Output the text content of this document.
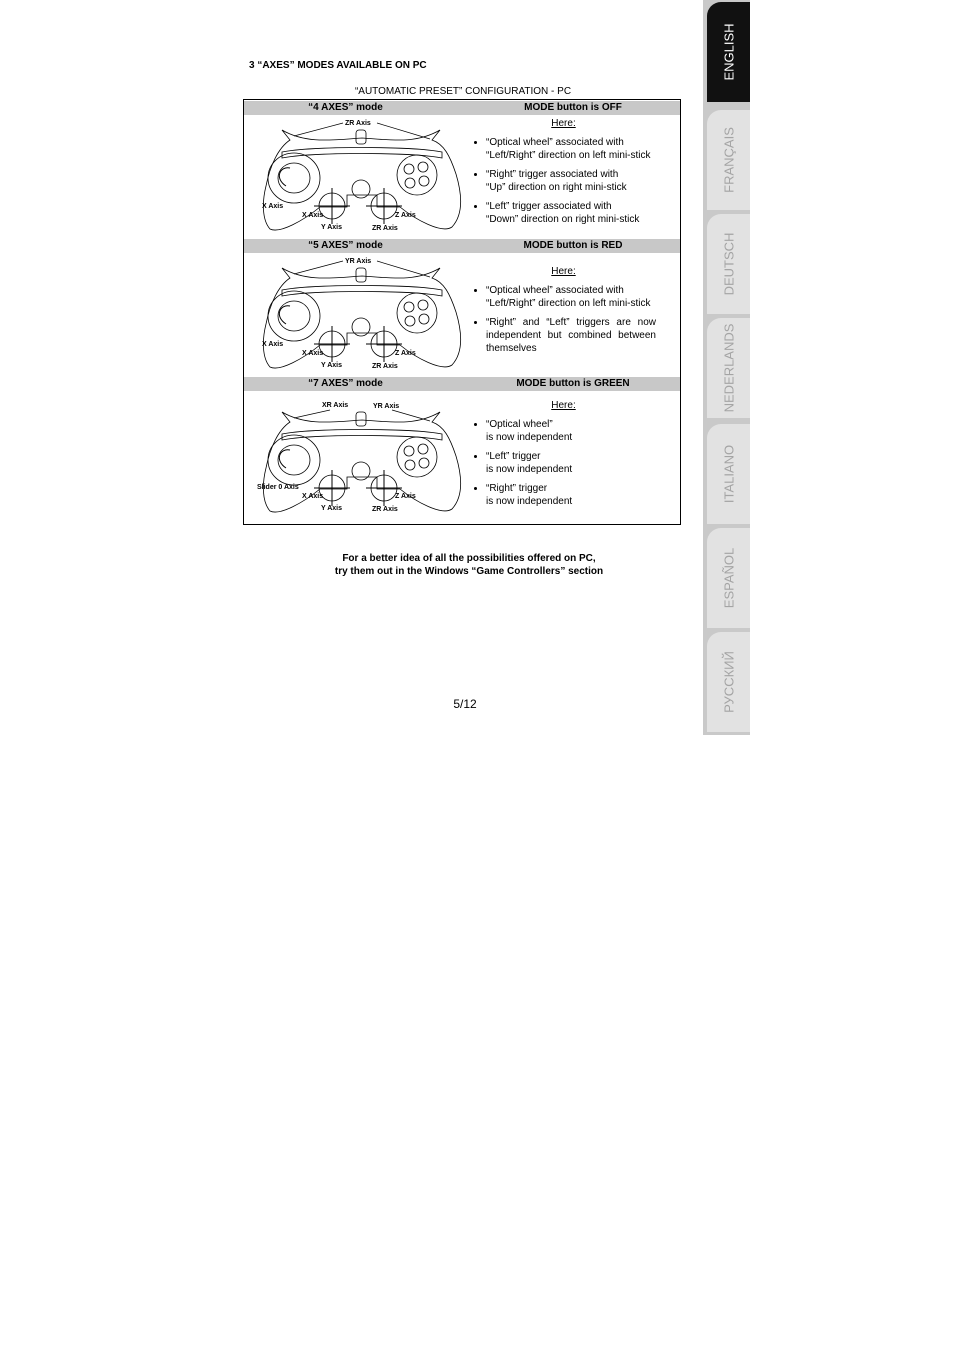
3 “AXES” MODES AVAILABLE ON PC
“AUTOMATIC PRESET” CONFIGURATION - PC
“4 AXES” mode	MODE button is OFF
ZR Axis
X Axis
X Axis
Y Axis
Z Axis
ZR Axis
Here:
• “Optical wheel” associated with
“Left/Right” direction on left mini-stick
• “Right” trigger associated with
“Up” direction on right mini-stick
• “Left” trigger associated with
“Down” direction on right mini-stick
“5 AXES” mode	MODE button is RED
YR Axis
X Axis
X Axis
Y Axis
Z Axis
ZR Axis
Here:
• “Optical wheel” associated with
“Left/Right” direction on left mini-stick
• “Right” and “Left” triggers are now independent but combined between themselves
“7 AXES” mode	MODE button is GREEN
XR Axis	YR Axis
Slider 0 Axis
X Axis
Y Axis
Z Axis
ZR Axis
Here:
• “Optical wheel”
is now independent
• “Left” trigger
is now independent
• “Right” trigger
is now independent
For a better idea of all the possibilities offered on PC,
try them out in the Windows “Game Controllers” section
5/12
ENGLISH
FRANÇAIS
DEUTSCH
NEDERLANDS
ITALIANO
ESPAÑOL
РУССКИЙ
